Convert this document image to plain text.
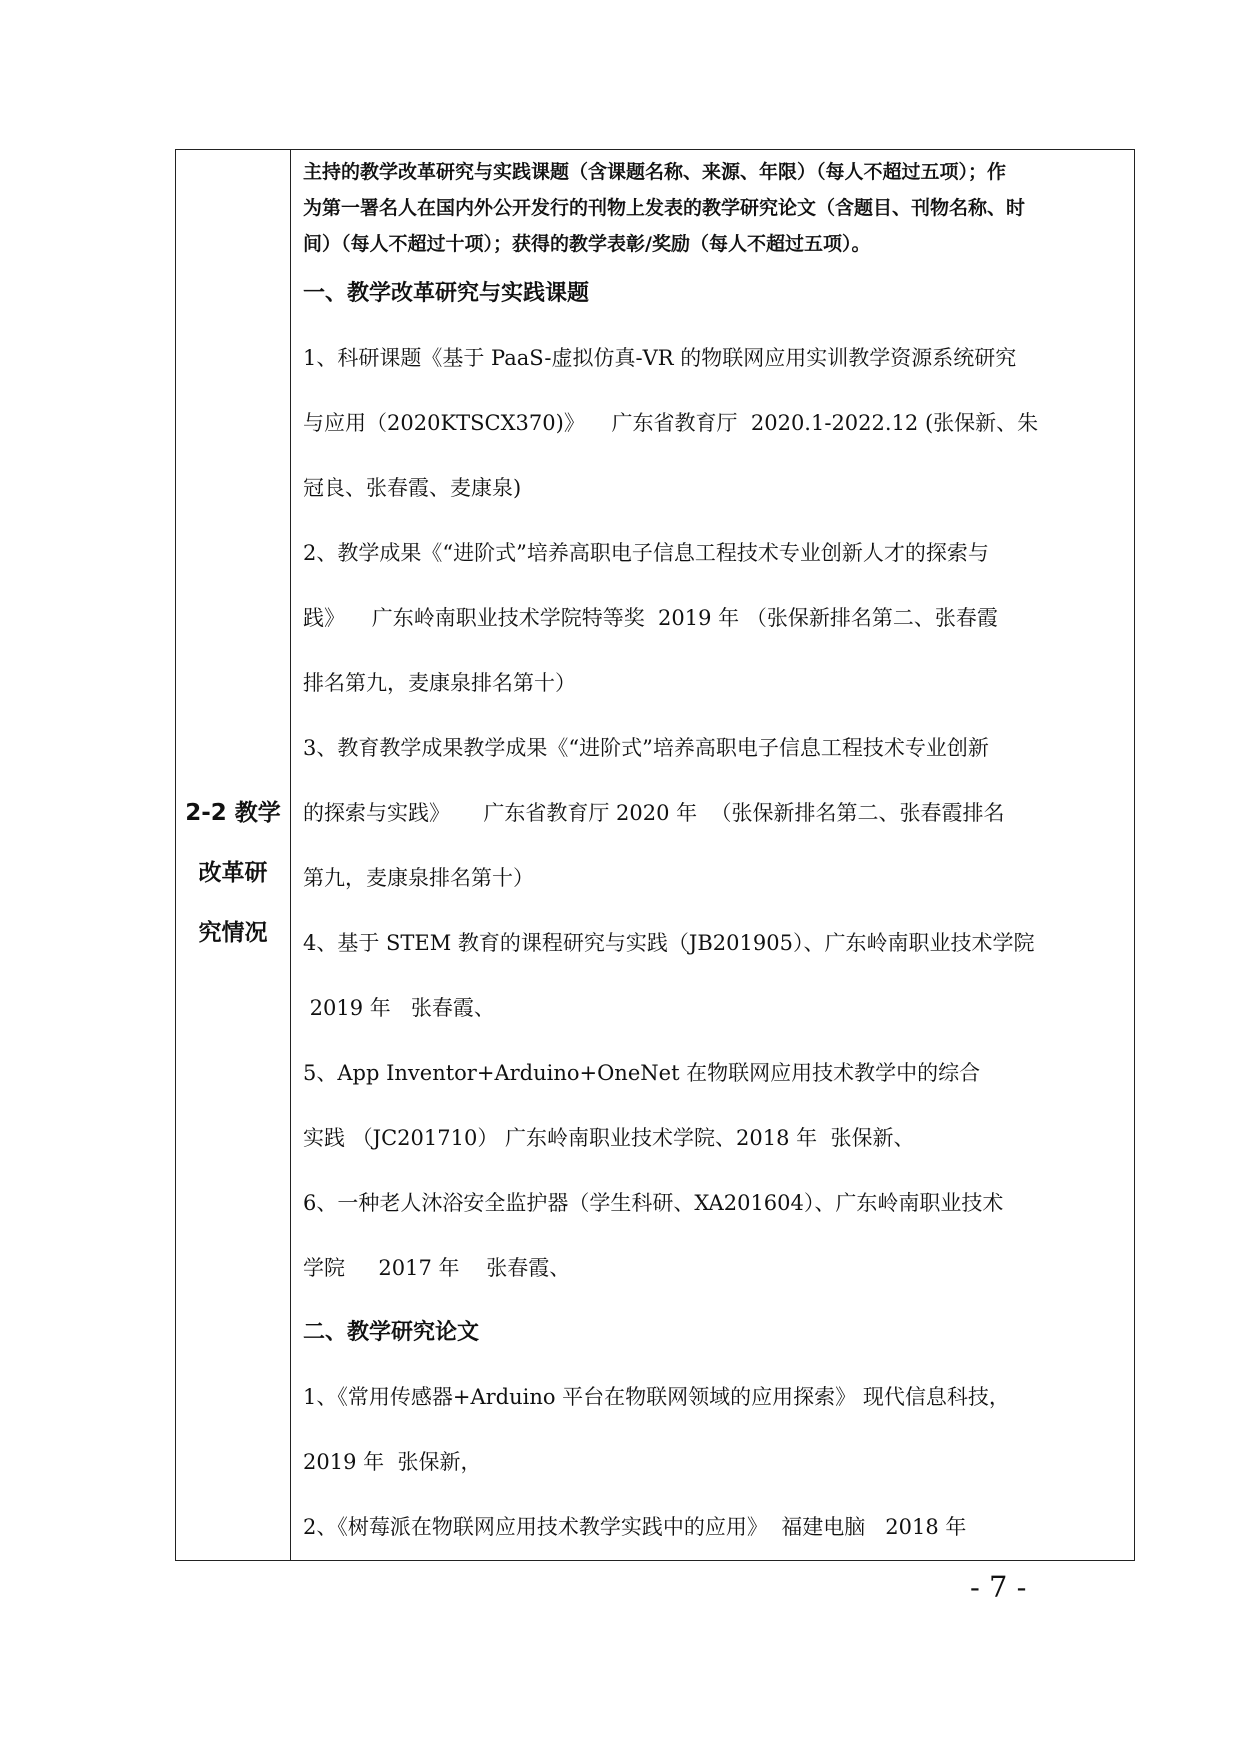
2-2 教学
改革研
究情况	
主持的教学改革研究与实践课题（含课题名称、来源、年限）（每人不超过五项）；作
为第一署名人在国内外公开发行的刊物上发表的教学研究论文（含题目、刊物名称、时
间）（每人不超过十项）；获得的教学表彰/奖励（每人不超过五项）。
一、教学改革研究与实践课题
1、科研课题《基于 PaaS-虚拟仿真-VR 的物联网应用实训教学资源系统研究
与应用（2020KTSCX370)》    广东省教育厅  2020.1-2022.12 (张保新、朱
冠良、张春霞、麦康泉)
2、教学成果《“进阶式”培养高职电子信息工程技术专业创新人才的探索与
践》    广东岭南职业技术学院特等奖  2019 年 （张保新排名第二、张春霞
排名第九，麦康泉排名第十）
3、教育教学成果教学成果《“进阶式”培养高职电子信息工程技术专业创新
的探索与实践》     广东省教育厅 2020 年  （张保新排名第二、张春霞排名
第九，麦康泉排名第十）
4、基于 STEM 教育的课程研究与实践（JB201905）、广东岭南职业技术学院
2019 年   张春霞、
5、App Inventor+Arduino+OneNet 在物联网应用技术教学中的综合
实践 （JC201710） 广东岭南职业技术学院、2018 年  张保新、
6、一种老人沐浴安全监护器（学生科研、XA201604）、广东岭南职业技术
学院     2017 年    张春霞、
二、教学研究论文
1、《常用传感器+Arduino 平台在物联网领域的应用探索》 现代信息科技，
2019 年  张保新，
2、《树莓派在物联网应用技术教学实践中的应用》  福建电脑   2018 年
- 7 -
